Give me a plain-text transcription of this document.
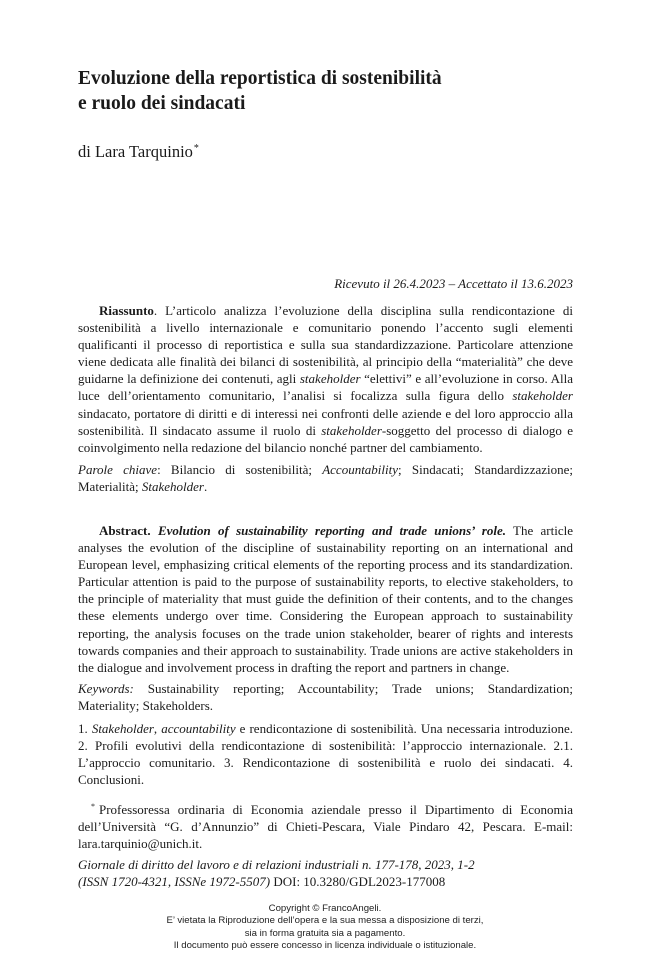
Evoluzione della reportistica di sostenibilità
e ruolo dei sindacati
di Lara Tarquinio*
Ricevuto il 26.4.2023 – Accettato il 13.6.2023

Riassunto. L’articolo analizza l’evoluzione della disciplina sulla rendicontazione di sostenibilità a livello internazionale e comunitario ponendo l’accento sugli elementi qualificanti il processo di reportistica e sulla sua standardizzazione. Particolare attenzione viene dedicata alle finalità dei bilanci di sostenibilità, al principio della “materialità” che deve guidarne la definizione dei contenuti, agli stakeholder “elettivi” e all’evoluzione in corso. Alla luce dell’orientamento comunitario, l’analisi si focalizza sulla figura dello stakeholder sindacato, portatore di diritti e di interessi nei confronti delle aziende e del loro approccio alla sostenibilità. Il sindacato assume il ruolo di stakeholder-soggetto del processo di dialogo e coinvolgimento nella redazione del bilancio nonché partner del cambiamento.

Parole chiave: Bilancio di sostenibilità; Accountability; Sindacati; Standardizzazione; Materialità; Stakeholder.

Abstract. Evolution of sustainability reporting and trade unions’ role. The article analyses the evolution of the discipline of sustainability reporting on an international and European level, emphasizing critical elements of the reporting process and its standardization. Particular attention is paid to the purpose of sustainability reports, to elective stakeholders, to the principle of materiality that must guide the definition of their contents, and to the changes these elements undergo over time. Considering the European approach to sustainability reporting, the analysis focuses on the trade union stakeholder, bearer of rights and interests towards companies and their approach to sustainability. Trade unions are active stakeholders in the dialogue and involvement process in drafting the report and partners in change.

Keywords: Sustainability reporting; Accountability; Trade unions; Standardization; Materiality; Stakeholders.

1. Stakeholder, accountability e rendicontazione di sostenibilità. Una necessaria introduzione. 2. Profili evolutivi della rendicontazione di sostenibilità: l’approccio internazionale. 2.1. L’approccio comunitario. 3. Rendicontazione di sostenibilità e ruolo dei sindacati. 4. Conclusioni.

* Professoressa ordinaria di Economia aziendale presso il Dipartimento di Economia dell’Università “G. d’Annunzio” di Chieti-Pescara, Viale Pindaro 42, Pescara. E-mail: lara.tarquinio@unich.it.

Giornale di diritto del lavoro e di relazioni industriali n. 177-178, 2023, 1-2
(ISSN 1720-4321, ISSNe 1972-5507) DOI: 10.3280/GDL2023-177008
Copyright © FrancoAngeli.
E’ vietata la Riproduzione dell’opera e la sua messa a disposizione di terzi,
sia in forma gratuita sia a pagamento.
Il documento può essere concesso in licenza individuale o istituzionale.
